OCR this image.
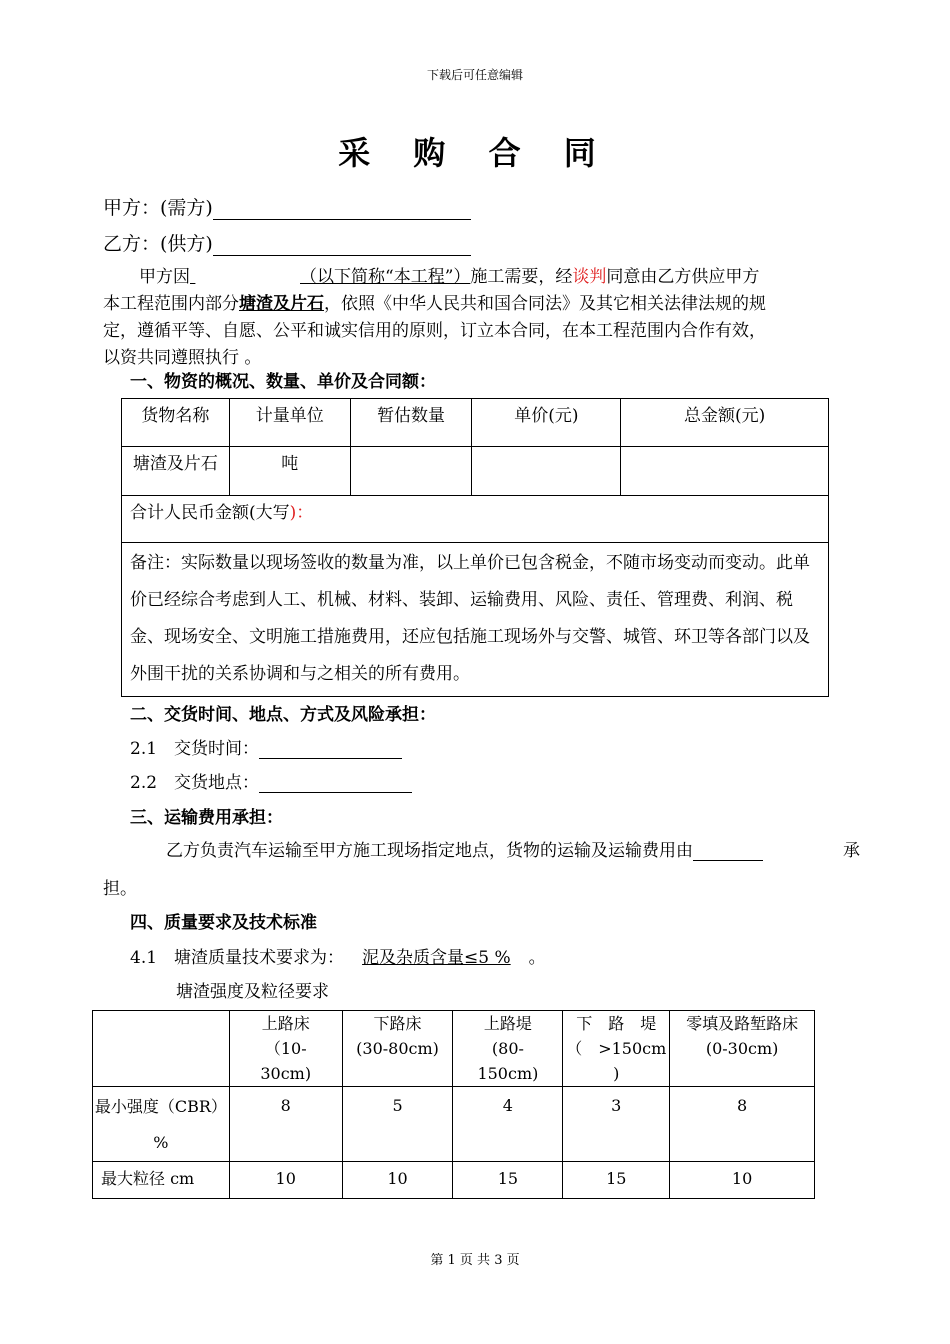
下载后可任意编辑
采 购 合 同
甲方：(需方)
乙方：(供方)
甲方因	（以下简称“本工程”）施工需要，经谈判同意由乙方供应甲方
本工程范围内部分塘渣及片石，依照《中华人民共和国合同法》及其它相关法律法规的规
定，遵循平等、自愿、公平和诚实信用的原则，订立本合同，在本工程范围内合作有效，
以资共同遵照执行 。
一、物资的概况、数量、单价及合同额：
货物名称	计量单位	暂估数量	单价(元)	总金额(元)
塘渣及片石	吨			
合计人民币金额(大写)：				
备注：实际数量以现场签收的数量为准，以上单价已包含税金，不随市场变动而变动。此单价已经综合考虑到人工、机械、材料、装卸、运输费用、风险、责任、管理费、利润、税金、现场安全、文明施工措施费用，还应包括施工现场外与交警、城管、环卫等各部门以及外围干扰的关系协调和与之相关的所有费用。				
二、交货时间、地点、方式及风险承担：
2.1　交货时间：
2.2　交货地点：
三、运输费用承担：
乙方负责汽车运输至甲方施工现场指定地点，货物的运输及运输费用由	承
担。
四、质量要求及技术标准
4.1　塘渣质量技术要求为： 泥及杂质含量≤5 % 。
塘渣强度及粒径要求
	上路床
（10-
30cm)	下路床
(30-80cm)	上路堤
(80-
150cm)	下　路　堤
（　>150cm
)	零填及路堑路床
(0-30cm)
最小强度（CBR）
%	8	5	4	3	8
最大粒径 cm	10	10	15	15	10
第 1 页 共 3 页
